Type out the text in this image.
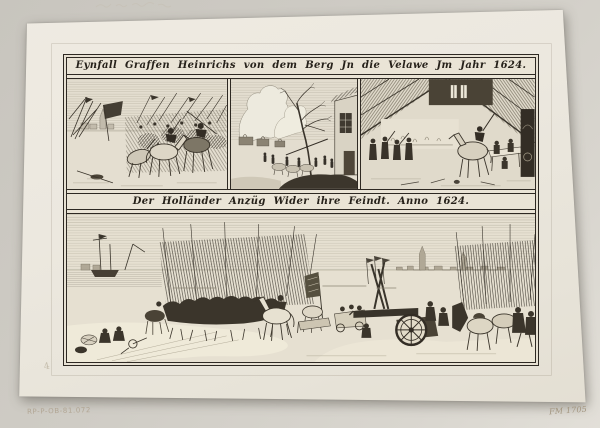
Eynfall Graffen Heinrichs von dem Berg Jn die Velawe Jm Jahr 1624.
Der Holländer Anzüg Wider ihre Feindt. Anno 1624.
RP-P-OB-81.072	FM 1705
4
